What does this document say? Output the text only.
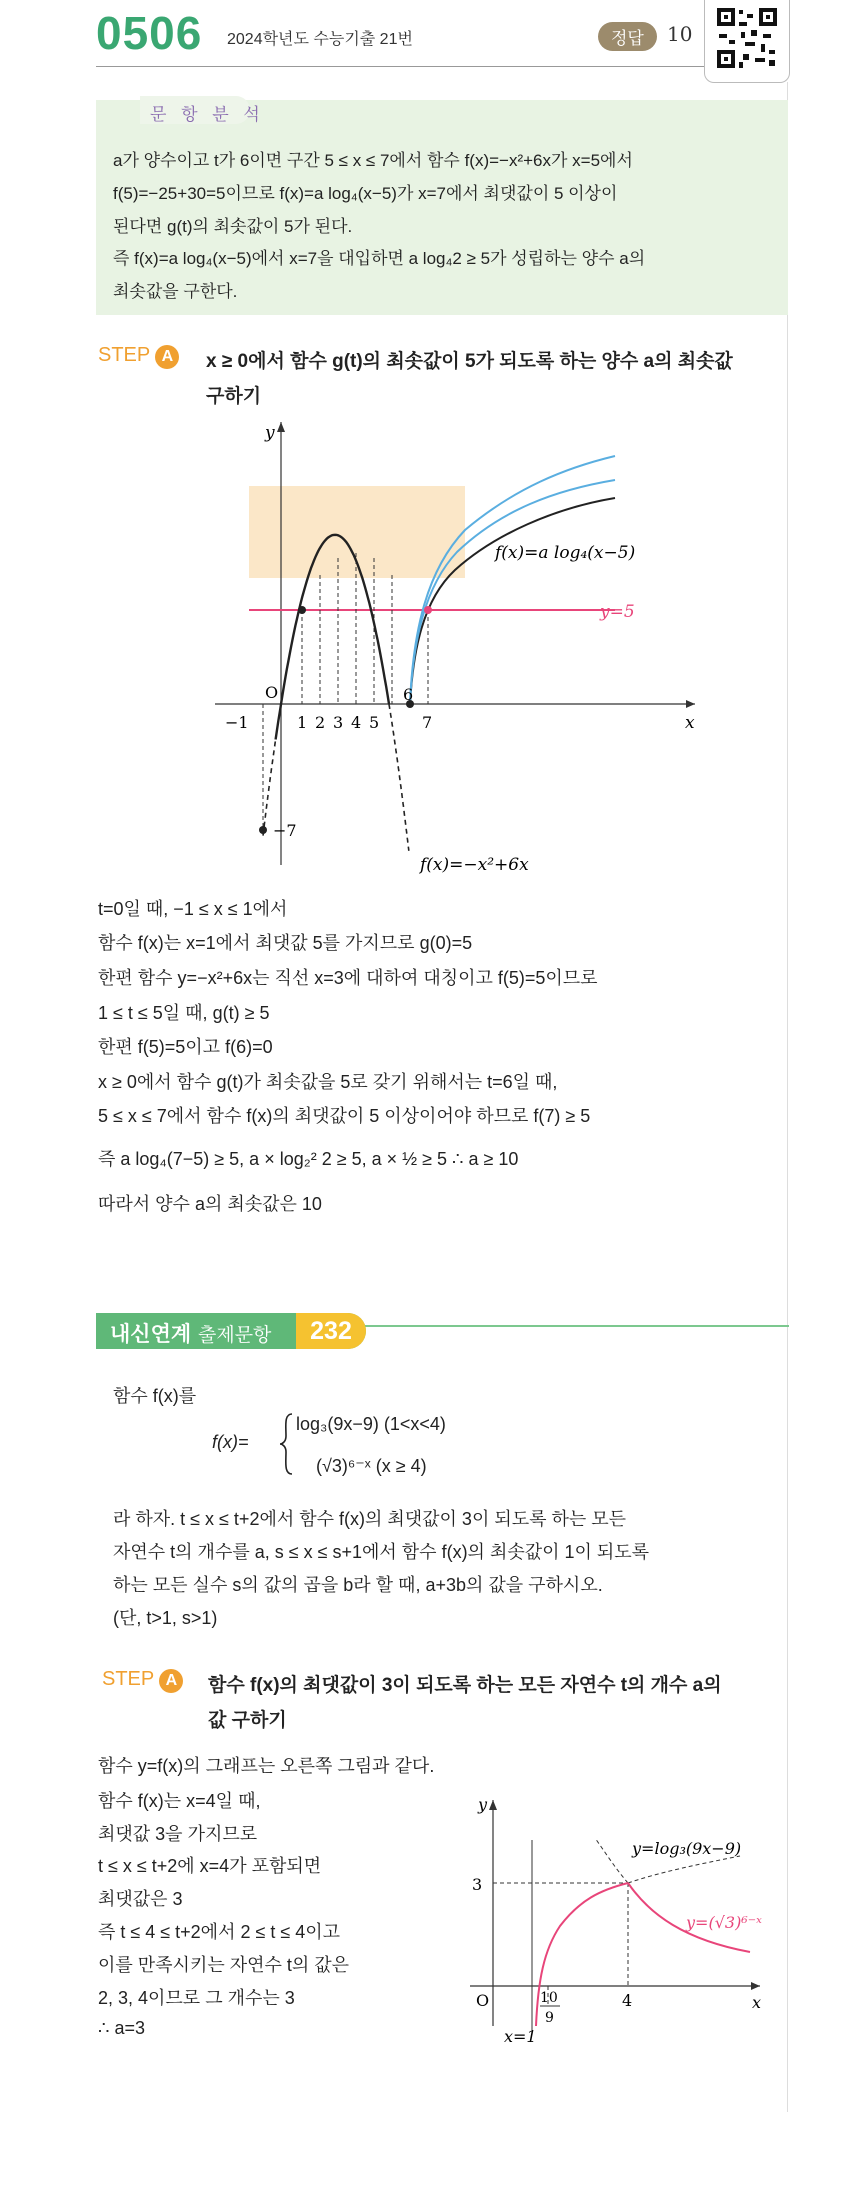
0506 2024학년도 수능기출 21번	정답	10
문 항 분 석
a가 양수이고 t가 6이면 구간 5 ≤ x ≤ 7에서 함수 f(x)=−x²+6x가 x=5에서
f(5)=−25+30=5이므로 f(x)=a log₄(x−5)가 x=7에서 최댓값이 5 이상이
된다면 g(t)의 최솟값이 5가 된다.
즉 f(x)=a log₄(x−5)에서 x=7을 대입하면 a log₄2 ≥ 5가 성립하는 양수 a의
최솟값을 구한다.
STEP A	x ≥ 0에서 함수 g(t)의 최솟값이 5가 되도록 하는 양수 a의 최솟값
구하기
y
x
O
−1	1 2 3 4 5
6
7
−7
f(x)=a log₄(x−5)
y=5
f(x)=−x²+6x
t=0일 때, −1 ≤ x ≤ 1에서
함수 f(x)는 x=1에서 최댓값 5를 가지므로 g(0)=5
한편 함수 y=−x²+6x는 직선 x=3에 대하여 대칭이고 f(5)=5이므로
1 ≤ t ≤ 5일 때, g(t) ≥ 5
한편 f(5)=5이고 f(6)=0
x ≥ 0에서 함수 g(t)가 최솟값을 5로 갖기 위해서는 t=6일 때,
5 ≤ x ≤ 7에서 함수 f(x)의 최댓값이 5 이상이어야 하므로 f(7) ≥ 5
즉 a log₄(7−5) ≥ 5, a × log₂² 2 ≥ 5, a × ½ ≥ 5 ∴ a ≥ 10
따라서 양수 a의 최솟값은 10
내신연계 출제문항	232
함수 f(x)를
f(x)=
log₃(9x−9) (1<x<4)
(√3)⁶⁻ˣ (x ≥ 4)
라 하자. t ≤ x ≤ t+2에서 함수 f(x)의 최댓값이 3이 되도록 하는 모든
자연수 t의 개수를 a, s ≤ x ≤ s+1에서 함수 f(x)의 최솟값이 1이 되도록
하는 모든 실수 s의 값의 곱을 b라 할 때, a+3b의 값을 구하시오.
(단, t>1, s>1)
STEP A	함수 f(x)의 최댓값이 3이 되도록 하는 모든 자연수 t의 개수 a의
값 구하기
함수 y=f(x)의 그래프는 오른쪽 그림과 같다.
함수 f(x)는 x=4일 때,
최댓값 3을 가지므로
t ≤ x ≤ t+2에 x=4가 포함되면
최댓값은 3
즉 t ≤ 4 ≤ t+2에서 2 ≤ t ≤ 4이고
이를 만족시키는 자연수 t의 값은
2, 3, 4이므로 그 개수는 3
∴ a=3
y
x
O
3
10
9
4
x=1
y=log₃(9x−9)
y=(√3)⁶⁻ˣ
